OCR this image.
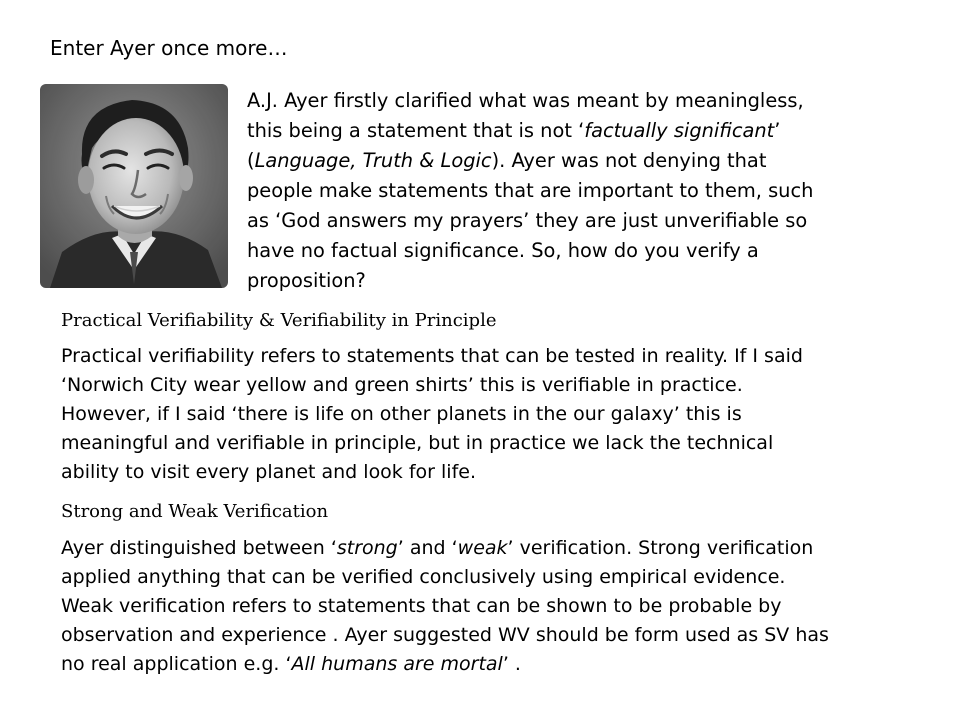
Enter Ayer once more…
A.J. Ayer firstly clarified what was meant by meaningless,
this being a statement that is not ‘factually significant’
(Language, Truth & Logic). Ayer was not denying that
people make statements that are important to them, such
as ‘God answers my prayers’ they are just unverifiable so
have no factual significance. So, how do you verify a
proposition?
Practical Verifiability & Verifiability in Principle
Practical verifiability refers to statements that can be tested in reality. If I said
‘Norwich City wear yellow and green shirts’ this is verifiable in practice.
However, if I said ‘there is life on other planets in the our galaxy’ this is
meaningful and verifiable in principle, but in practice we lack the technical
ability to visit every planet and look for life.
Strong and Weak Verification
Ayer distinguished between ‘strong’ and ‘weak’ verification. Strong verification
applied anything that can be verified conclusively using empirical evidence.
Weak verification refers to statements that can be shown to be probable by
observation and experience . Ayer suggested WV should be form used as SV has
no real application e.g. ‘All humans are mortal’ .
